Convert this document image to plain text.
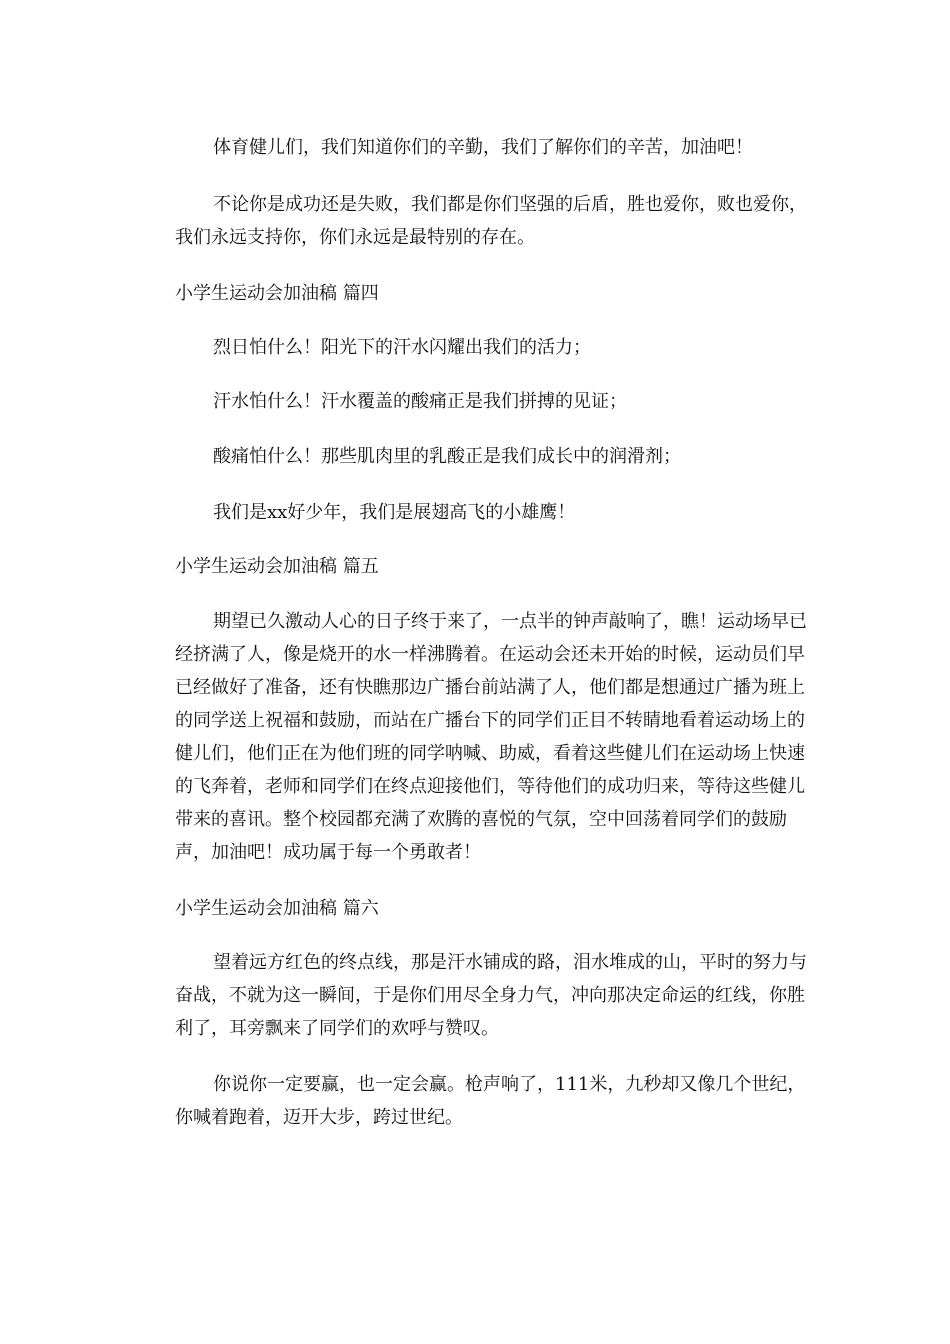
体育健儿们，我们知道你们的辛勤，我们了解你们的辛苦，加油吧！

不论你是成功还是失败，我们都是你们坚强的后盾，胜也爱你，败也爱你，我们永远支持你，你们永远是最特别的存在。

小学生运动会加油稿 篇四

烈日怕什么！阳光下的汗水闪耀出我们的活力；

汗水怕什么！汗水覆盖的酸痛正是我们拼搏的见证；

酸痛怕什么！那些肌肉里的乳酸正是我们成长中的润滑剂；

我们是xx好少年，我们是展翅高飞的小雄鹰！

小学生运动会加油稿 篇五

期望已久激动人心的日子终于来了，一点半的钟声敲响了，瞧！运动场早已经挤满了人，像是烧开的水一样沸腾着。在运动会还未开始的时候，运动员们早已经做好了准备，还有快瞧那边广播台前站满了人，他们都是想通过广播为班上的同学送上祝福和鼓励，而站在广播台下的同学们正目不转睛地看着运动场上的健儿们，他们正在为他们班的同学呐喊、助威，看着这些健儿们在运动场上快速的飞奔着，老师和同学们在终点迎接他们，等待他们的成功归来，等待这些健儿带来的喜讯。整个校园都充满了欢腾的喜悦的气氛，空中回荡着同学们的鼓励声，加油吧！成功属于每一个勇敢者！

小学生运动会加油稿 篇六

望着远方红色的终点线，那是汗水铺成的路，泪水堆成的山，平时的努力与奋战，不就为这一瞬间，于是你们用尽全身力气，冲向那决定命运的红线，你胜利了，耳旁飘来了同学们的欢呼与赞叹。

你说你一定要赢，也一定会赢。枪声响了，111米，九秒却又像几个世纪，你喊着跑着，迈开大步，跨过世纪。
